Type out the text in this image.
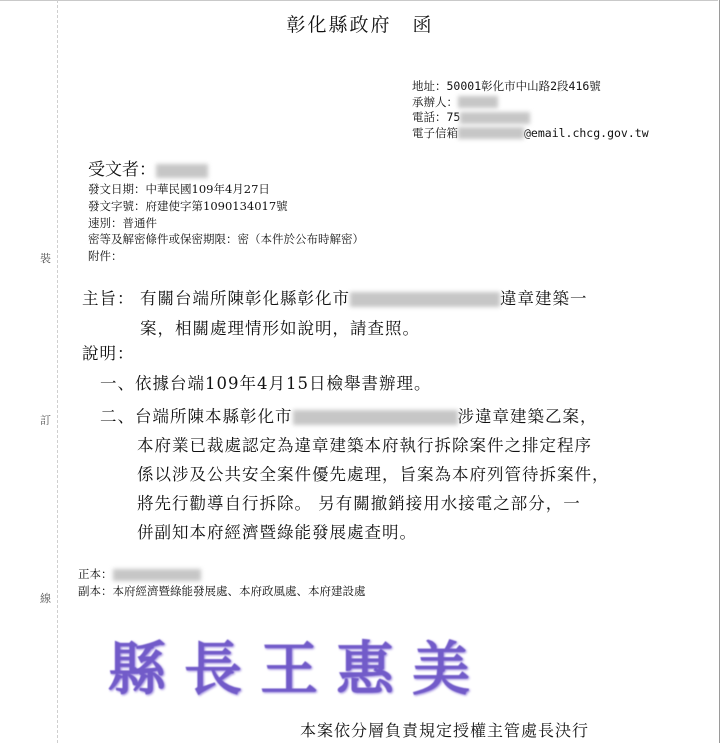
裝
訂
線
彰化縣政府　函
地址：50001彰化市中山路2段416號
承辦人：
電話：75
電子信箱	@email.chcg.gov.tw
受文者：
發文日期：中華民國109年4月27日
發文字號：府建使字第1090134017號
速別：普通件
密等及解密條件或保密期限：密（本件於公布時解密）
附件：
主旨： 有關台端所陳彰化縣彰化市	違章建築一
案，相關處理情形如說明，請查照。
說明：
一、依據台端109年4月15日檢舉書辦理。
二、台端所陳本縣彰化市	涉違章建築乙案，
本府業已裁處認定為違章建築本府執行拆除案件之排定程序
係以涉及公共安全案件優先處理，旨案為本府列管待拆案件，
將先行勸導自行拆除。 另有關撤銷接用水接電之部分，一
併副知本府經濟暨綠能發展處查明。
正本：
副本：本府經濟暨綠能發展處、本府政風處、本府建設處
縣長王惠美
本案依分層負責規定授權主管處長決行
